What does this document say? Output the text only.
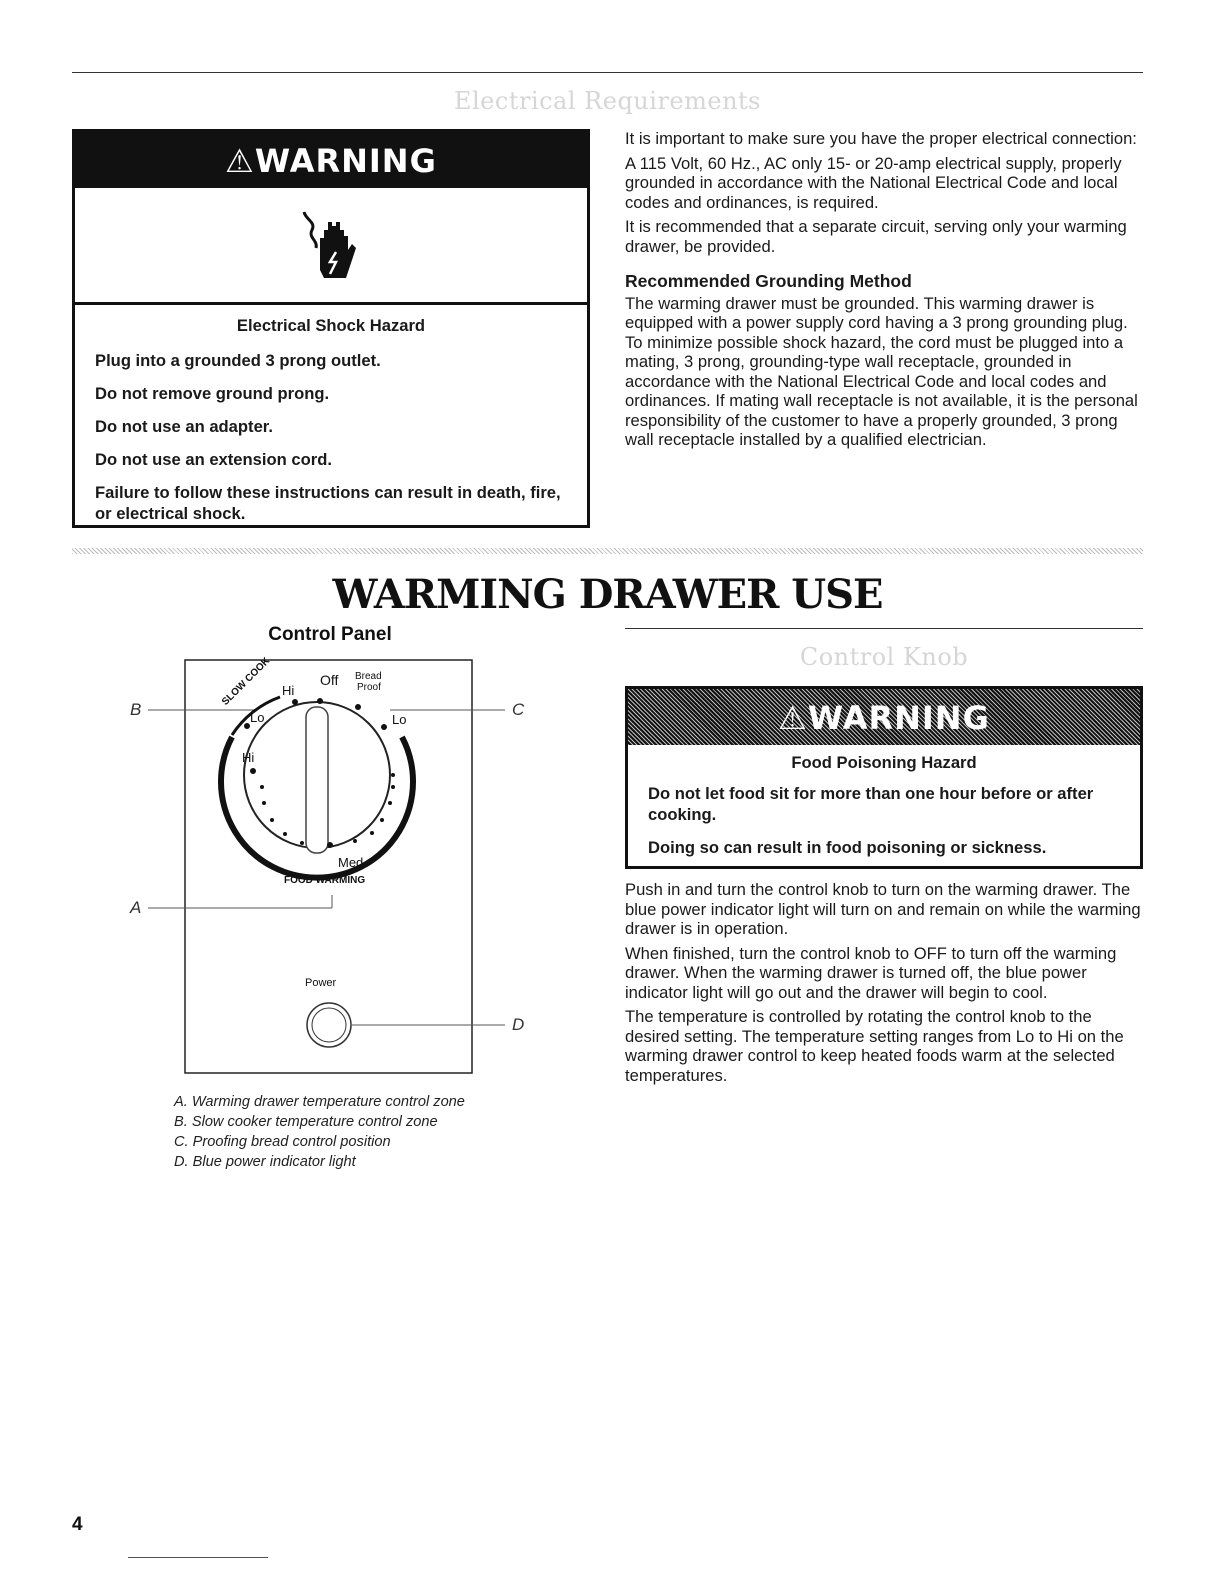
Electrical Requirements
⚠WARNING

Electrical Shock Hazard

Plug into a grounded 3 prong outlet.

Do not remove ground prong.

Do not use an adapter.

Do not use an extension cord.

Failure to follow these instructions can result in death, fire, or electrical shock.

It is important to make sure you have the proper electrical connection:

A 115 Volt, 60 Hz., AC only 15- or 20-amp electrical supply, properly grounded in accordance with the National Electrical Code and local codes and ordinances, is required.

It is recommended that a separate circuit, serving only your warming drawer, be provided.

Recommended Grounding Method

The warming drawer must be grounded. This warming drawer is equipped with a power supply cord having a 3 prong grounding plug. To minimize possible shock hazard, the cord must be plugged into a mating, 3 prong, grounding-type wall receptacle, grounded in accordance with the National Electrical Code and local codes and ordinances. If mating wall receptacle is not available, it is the personal responsibility of the customer to have a properly grounded, 3 prong wall receptacle installed by a qualified electrician.

WARMING DRAWER USE
Control Panel
B	C
A
D
Off Bread
Proof
Hi
Lo	Lo
Hi
Med
SLOW COOK
FOOD WARMING
Power

A. Warming drawer temperature control zone

B. Slow cooker temperature control zone

C. Proofing bread control position

D. Blue power indicator light

Control Knob
⚠WARNING

Food Poisoning Hazard

Do not let food sit for more than one hour before or after cooking.

Doing so can result in food poisoning or sickness.

Push in and turn the control knob to turn on the warming drawer. The blue power indicator light will turn on and remain on while the warming drawer is in operation.

When finished, turn the control knob to OFF to turn off the warming drawer. When the warming drawer is turned off, the blue power indicator light will go out and the drawer will begin to cool.

The temperature is controlled by rotating the control knob to the desired setting. The temperature setting ranges from Lo to Hi on the warming drawer control to keep heated foods warm at the selected temperatures.

4
